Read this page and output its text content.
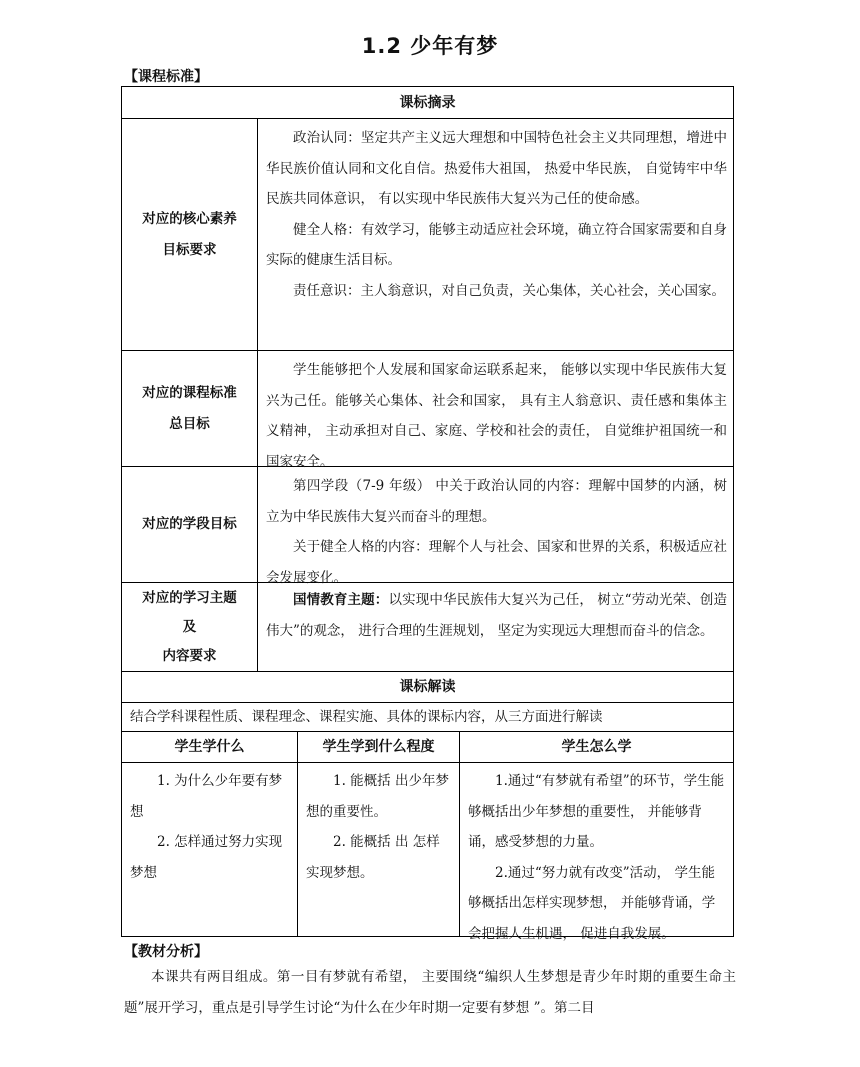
1.2 少年有梦
【课程标准】
课标摘录
对应的核心素养
目标要求

政治认同：坚定共产主义远大理想和中国特色社会主义共同理想，增进中华民族价值认同和文化自信。热爱伟大祖国， 热爱中华民族， 自觉铸牢中华民族共同体意识， 有以实现中华民族伟大复兴为己任的使命感。

健全人格：有效学习，能够主动适应社会环境，确立符合国家需要和自身实际的健康生活目标。

责任意识：主人翁意识，对自己负责，关心集体，关心社会，关心国家。

对应的课程标准
总目标

学生能够把个人发展和国家命运联系起来， 能够以实现中华民族伟大复兴为己任。能够关心集体、社会和国家， 具有主人翁意识、责任感和集体主义精神， 主动承担对自己、家庭、学校和社会的责任， 自觉维护祖国统一和国家安全。

对应的学段目标

第四学段（7-9 年级） 中关于政治认同的内容：理解中国梦的内涵，树立为中华民族伟大复兴而奋斗的理想。

关于健全人格的内容：理解个人与社会、国家和世界的关系，积极适应社会发展变化。

对应的学习主题
及
内容要求

国情教育主题：以实现中华民族伟大复兴为己任， 树立“劳动光荣、创造伟大”的观念， 进行合理的生涯规划， 坚定为实现远大理想而奋斗的信念。

课标解读
结合学科课程性质、课程理念、课程实施、具体的课标内容，从三方面进行解读
学生学什么	学生学到什么程度	学生怎么学

1. 为什么少年要有梦想

2. 怎样通过努力实现梦想

1. 能概括 出少年梦想的重要性。

2. 能概括 出 怎样实现梦想。

1.通过“有梦就有希望”的环节，学生能够概括出少年梦想的重要性， 并能够背诵，感受梦想的力量。

2.通过“努力就有改变”活动， 学生能够概括出怎样实现梦想， 并能够背诵，学会把握人生机遇， 促进自我发展。

【教材分析】

本课共有两目组成。第一目有梦就有希望， 主要围绕“编织人生梦想是青少年时期的重要生命主题”展开学习，重点是引导学生讨论“为什么在少年时期一定要有梦想 ”。第二目
